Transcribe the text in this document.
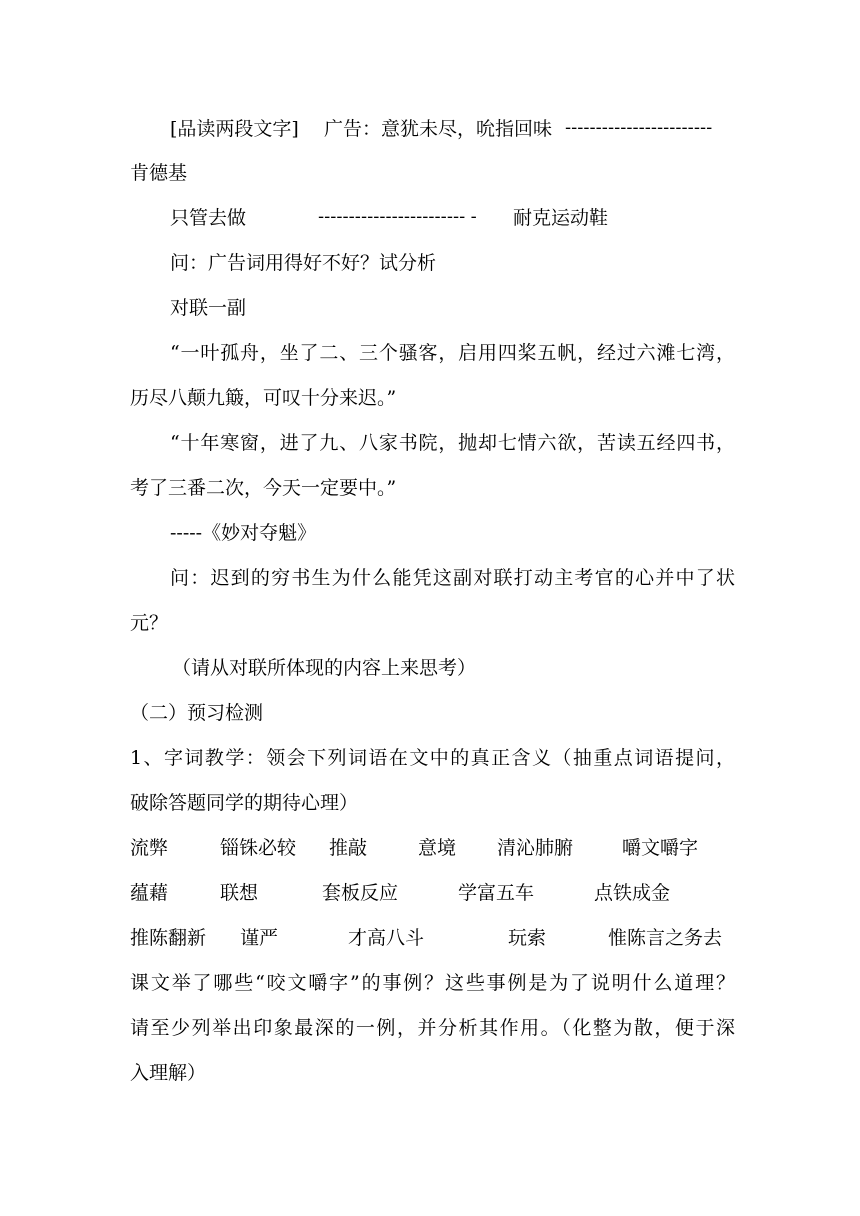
[品读两段文字] 广告：意犹未尽，吮指回味 ------------------------
肯德基
只管去做	------------------------ - 耐克运动鞋
问：广告词用得好不好？试分析
对联一副
“一叶孤舟，坐了二、三个骚客，启用四桨五帆，经过六滩七湾，
历尽八颠九簸，可叹十分来迟。”
“十年寒窗，进了九、八家书院，抛却七情六欲，苦读五经四书，
考了三番二次，今天一定要中。”
-----《妙对夺魁》
问：迟到的穷书生为什么能凭这副对联打动主考官的心并中了状
元？
（请从对联所体现的内容上来思考）
（二）预习检测
1、字词教学：领会下列词语在文中的真正含义（抽重点词语提问，
破除答题同学的期待心理）
流弊	锱铢必较 推敲	意境 清沁肺腑	嚼文嚼字
蕴藉	联想	套板反应	学富五车	点铁成金
推陈翻新 谨严	才高八斗	玩索	惟陈言之务去
课文举了哪些“咬文嚼字”的事例？这些事例是为了说明什么道理？
请至少列举出印象最深的一例，并分析其作用。（化整为散，便于深
入理解）
